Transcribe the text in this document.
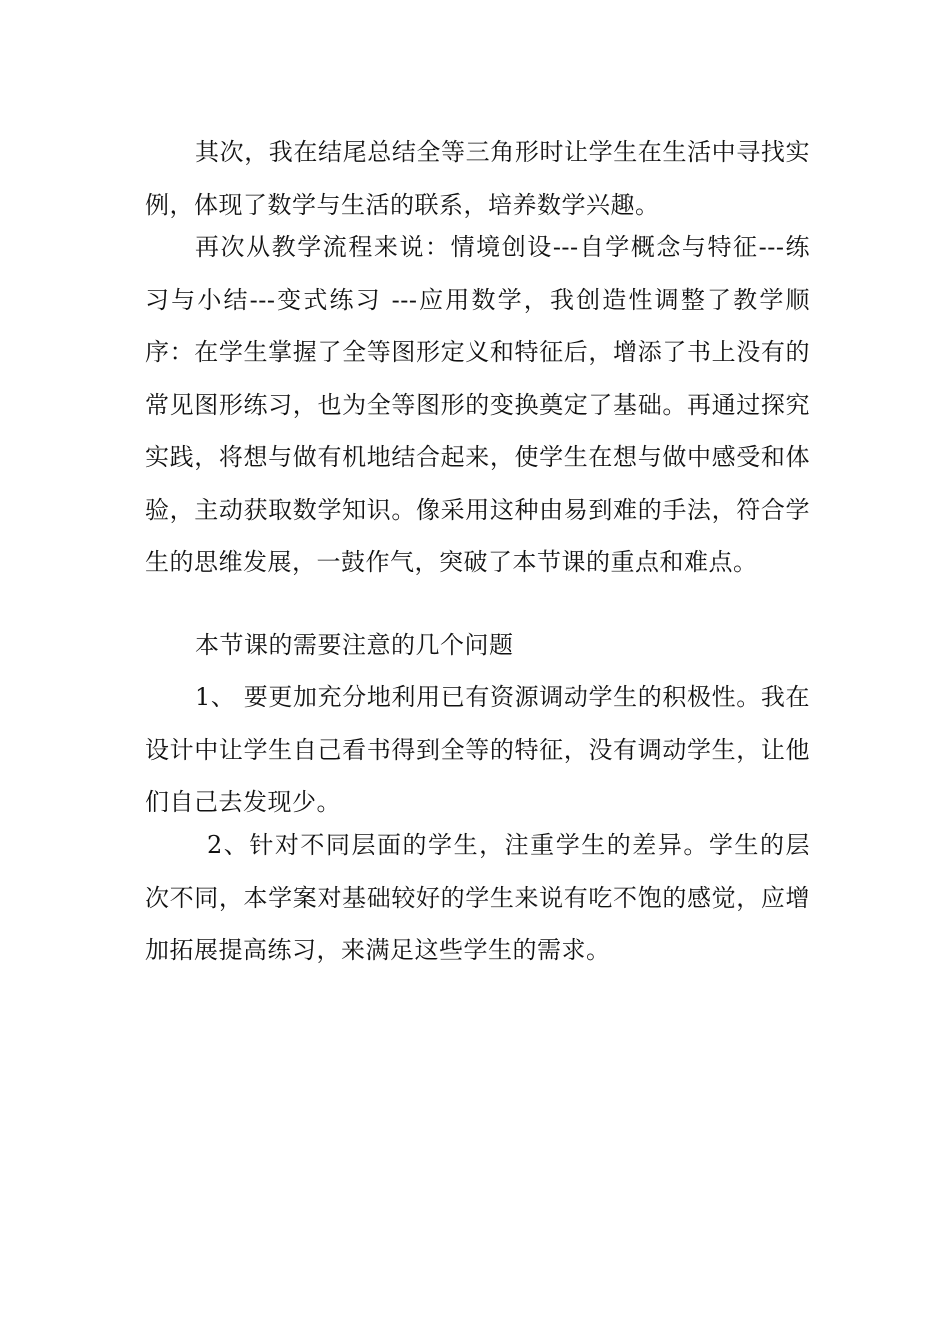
其次，我在结尾总结全等三角形时让学生在生活中寻找实例，体现了数学与生活的联系，培养数学兴趣。

再次从教学流程来说：情境创设---自学概念与特征---练习与小结---变式练习 ---应用数学，我创造性调整了教学顺序：在学生掌握了全等图形定义和特征后，增添了书上没有的常见图形练习，也为全等图形的变换奠定了基础。再通过探究实践，将想与做有机地结合起来，使学生在想与做中感受和体验，主动获取数学知识。像采用这种由易到难的手法，符合学生的思维发展，一鼓作气，突破了本节课的重点和难点。

本节课的需要注意的几个问题

1、 要更加充分地利用已有资源调动学生的积极性。我在设计中让学生自己看书得到全等的特征，没有调动学生，让他们自己去发现少。

2、针对不同层面的学生，注重学生的差异。学生的层次不同，本学案对基础较好的学生来说有吃不饱的感觉，应增加拓展提高练习，来满足这些学生的需求。
